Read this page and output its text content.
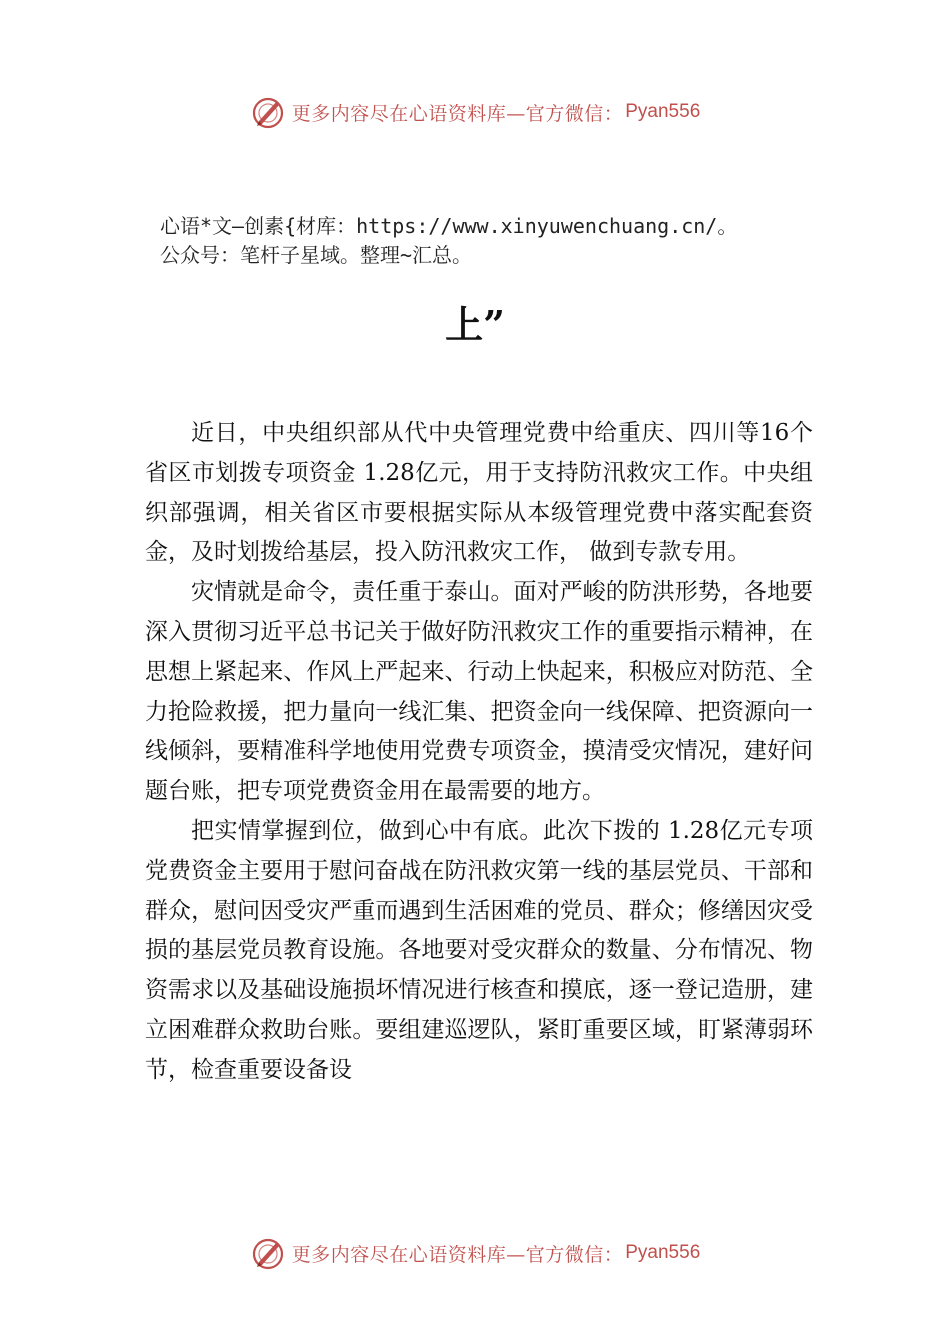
更多内容尽在心语资料库—官方微信： Pyan556
心语*文—创素{材库：https://www.xinyuwenchuang.cn/。
公众号：笔杆子星域。整理~汇总。
上”

近日，中央组织部从代中央管理党费中给重庆、四川等16个省区市划拨专项资金 1.28亿元，用于支持防汛救灾工作。中央组织部强调，相关省区市要根据实际从本级管理党费中落实配套资金，及时划拨给基层，投入防汛救灾工作， 做到专款专用。

灾情就是命令，责任重于泰山。面对严峻的防洪形势，各地要深入贯彻习近平总书记关于做好防汛救灾工作的重要指示精神，在思想上紧起来、作风上严起来、行动上快起来，积极应对防范、全力抢险救援，把力量向一线汇集、把资金向一线保障、把资源向一线倾斜，要精准科学地使用党费专项资金，摸清受灾情况，建好问题台账，把专项党费资金用在最需要的地方。

把实情掌握到位，做到心中有底。此次下拨的 1.28亿元专项党费资金主要用于慰问奋战在防汛救灾第一线的基层党员、干部和群众，慰问因受灾严重而遇到生活困难的党员、群众；修缮因灾受损的基层党员教育设施。各地要对受灾群众的数量、分布情况、物资需求以及基础设施损坏情况进行核查和摸底，逐一登记造册，建立困难群众救助台账。要组建巡逻队，紧盯重要区域，盯紧薄弱环节，检查重要设备设

更多内容尽在心语资料库—官方微信： Pyan556
